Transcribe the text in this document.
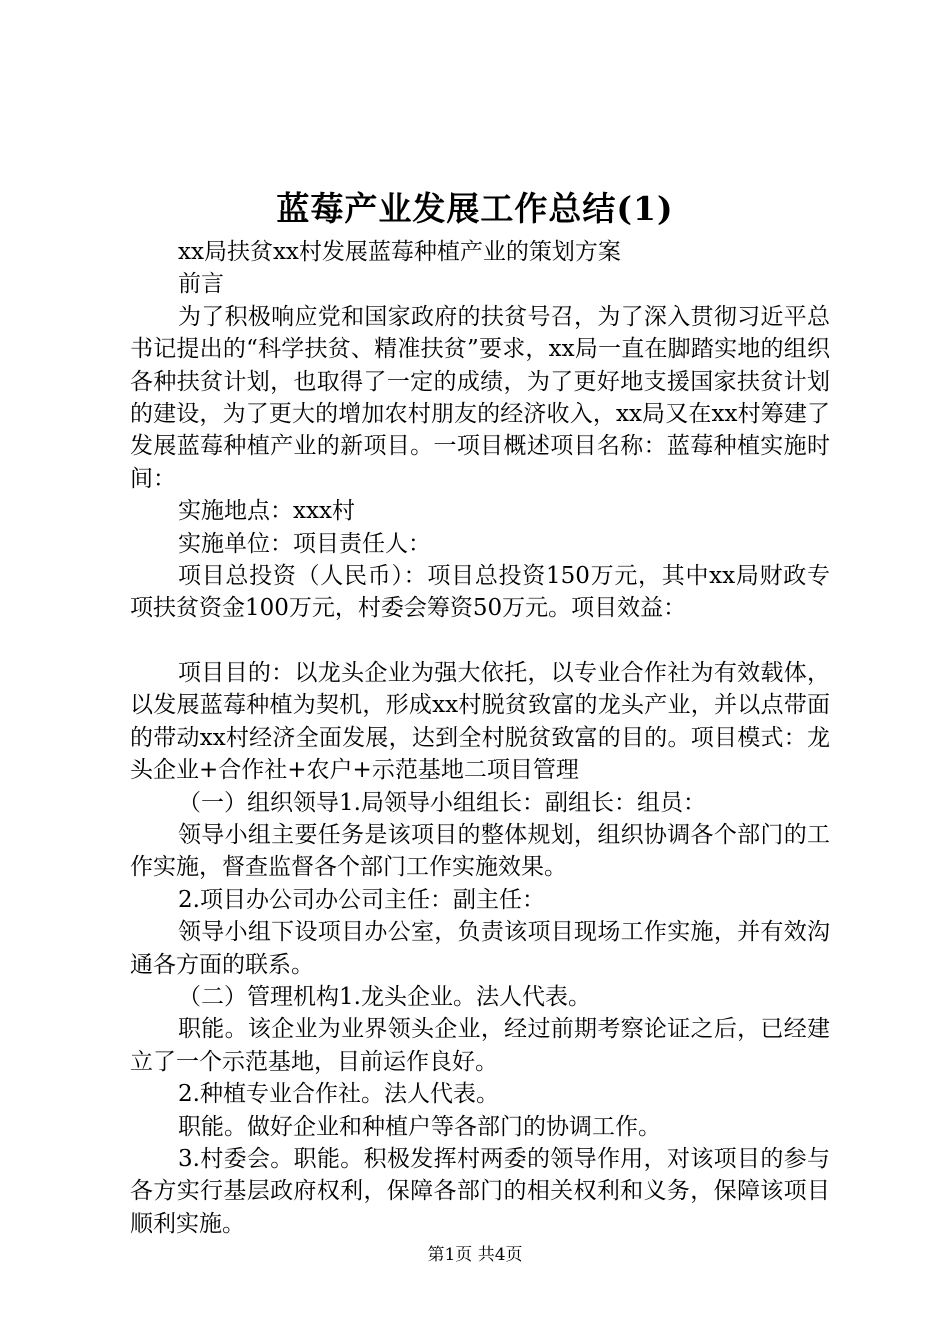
蓝莓产业发展工作总结(1)

xx局扶贫xx村发展蓝莓种植产业的策划方案

前言

为了积极响应党和国家政府的扶贫号召，为了深入贯彻习近平总书记提出的“科学扶贫、精准扶贫”要求，xx局一直在脚踏实地的组织各种扶贫计划，也取得了一定的成绩，为了更好地支援国家扶贫计划的建设，为了更大的增加农村朋友的经济收入，xx局又在xx村筹建了发展蓝莓种植产业的新项目。一项目概述项目名称：蓝莓种植实施时间：

实施地点：xxx村

实施单位：项目责任人：

项目总投资（人民币）：项目总投资150万元，其中xx局财政专项扶贫资金100万元，村委会筹资50万元。项目效益：

项目目的：以龙头企业为强大依托，以专业合作社为有效载体，以发展蓝莓种植为契机，形成xx村脱贫致富的龙头产业，并以点带面的带动xx村经济全面发展，达到全村脱贫致富的目的。项目模式：龙头企业+合作社+农户+示范基地二项目管理

（一）组织领导1.局领导小组组长：副组长：组员：

领导小组主要任务是该项目的整体规划，组织协调各个部门的工作实施，督查监督各个部门工作实施效果。

2.项目办公司办公司主任：副主任：

领导小组下设项目办公室，负责该项目现场工作实施，并有效沟通各方面的联系。

（二）管理机构1.龙头企业。法人代表。

职能。该企业为业界领头企业，经过前期考察论证之后，已经建立了一个示范基地，目前运作良好。

2.种植专业合作社。法人代表。

职能。做好企业和种植户等各部门的协调工作。

3.村委会。职能。积极发挥村两委的领导作用，对该项目的参与各方实行基层政府权利，保障各部门的相关权利和义务，保障该项目顺利实施。

第1页 共4页
